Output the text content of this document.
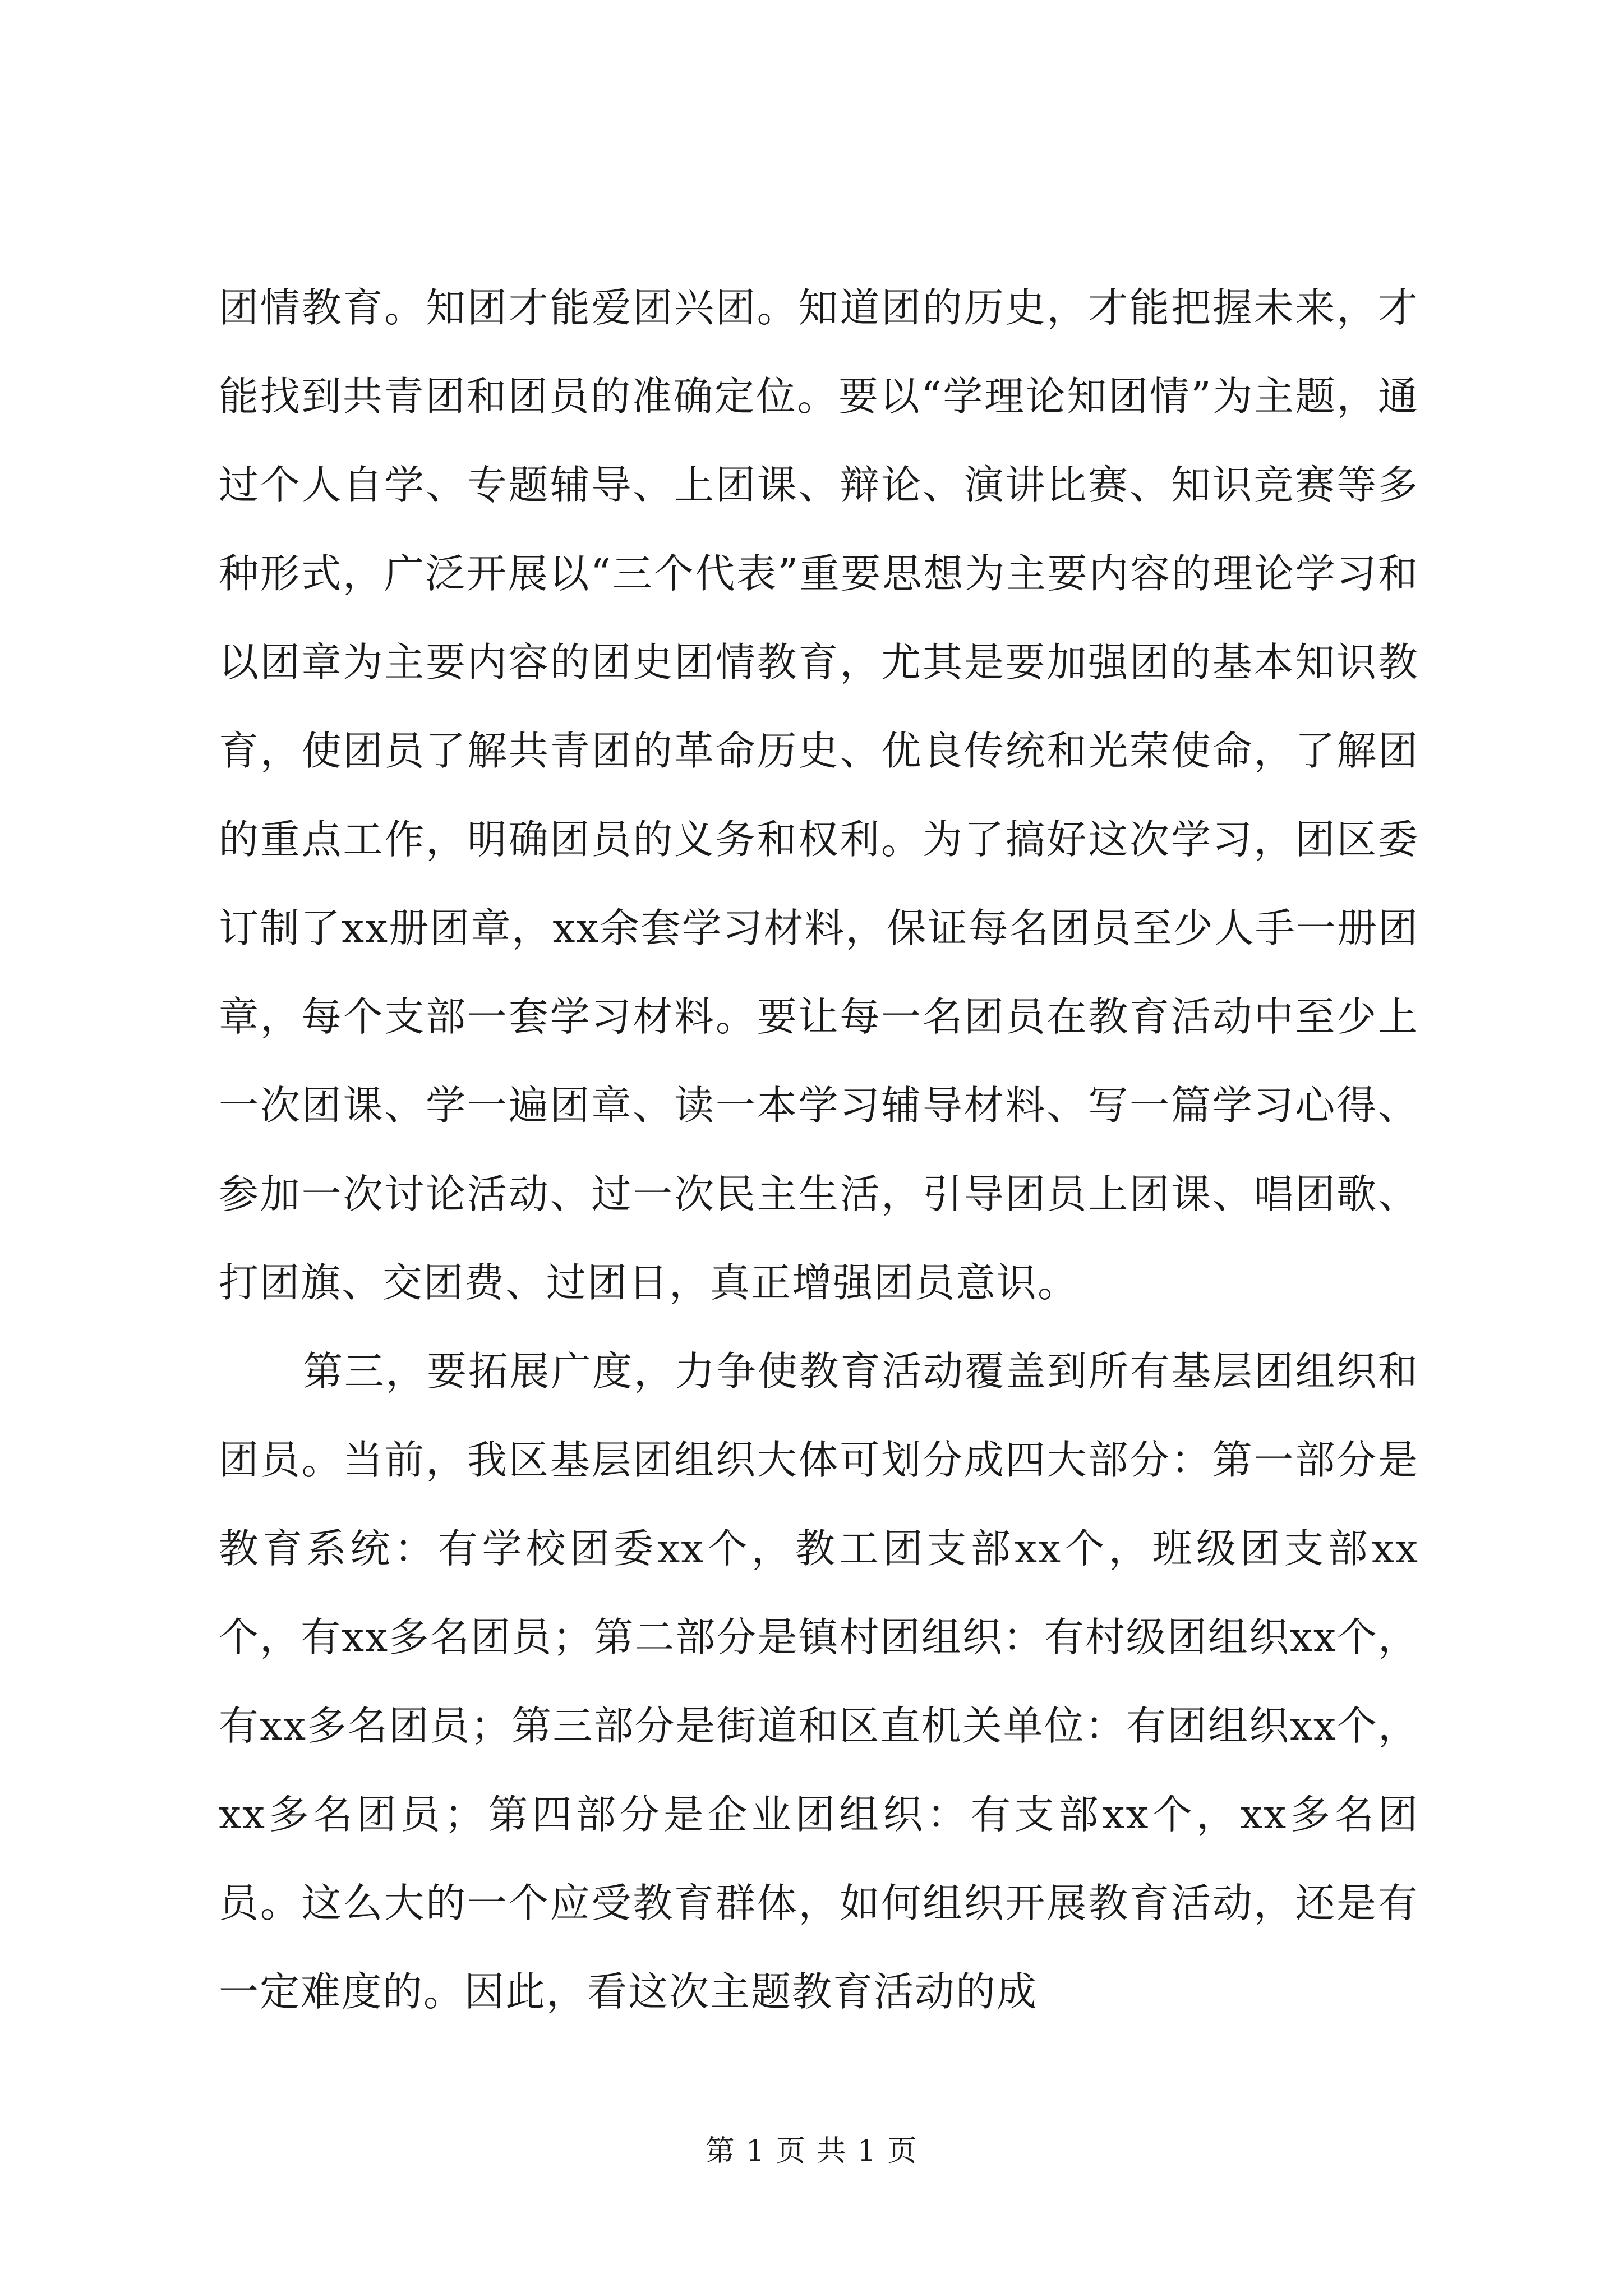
团情教育。知团才能爱团兴团。知道团的历史，才能把握未来，才能找到共青团和团员的准确定位。要以“学理论知团情”为主题，通过个人自学、专题辅导、上团课、辩论、演讲比赛、知识竞赛等多种形式，广泛开展以“三个代表”重要思想为主要内容的理论学习和以团章为主要内容的团史团情教育，尤其是要加强团的基本知识教育，使团员了解共青团的革命历史、优良传统和光荣使命，了解团的重点工作，明确团员的义务和权利。为了搞好这次学习，团区委订制了xx册团章，xx余套学习材料，保证每名团员至少人手一册团章，每个支部一套学习材料。要让每一名团员在教育活动中至少上一次团课、学一遍团章、读一本学习辅导材料、写一篇学习心得、参加一次讨论活动、过一次民主生活，引导团员上团课、唱团歌、打团旗、交团费、过团日，真正增强团员意识。

第三，要拓展广度，力争使教育活动覆盖到所有基层团组织和团员。当前，我区基层团组织大体可划分成四大部分：第一部分是教育系统：有学校团委xx个，教工团支部xx个，班级团支部xx个，有xx多名团员；第二部分是镇村团组织：有村级团组织xx个，有xx多名团员；第三部分是街道和区直机关单位：有团组织xx个，xx多名团员；第四部分是企业团组织：有支部xx个，xx多名团员。这么大的一个应受教育群体，如何组织开展教育活动，还是有一定难度的。因此，看这次主题教育活动的成

第 1 页 共 1 页
